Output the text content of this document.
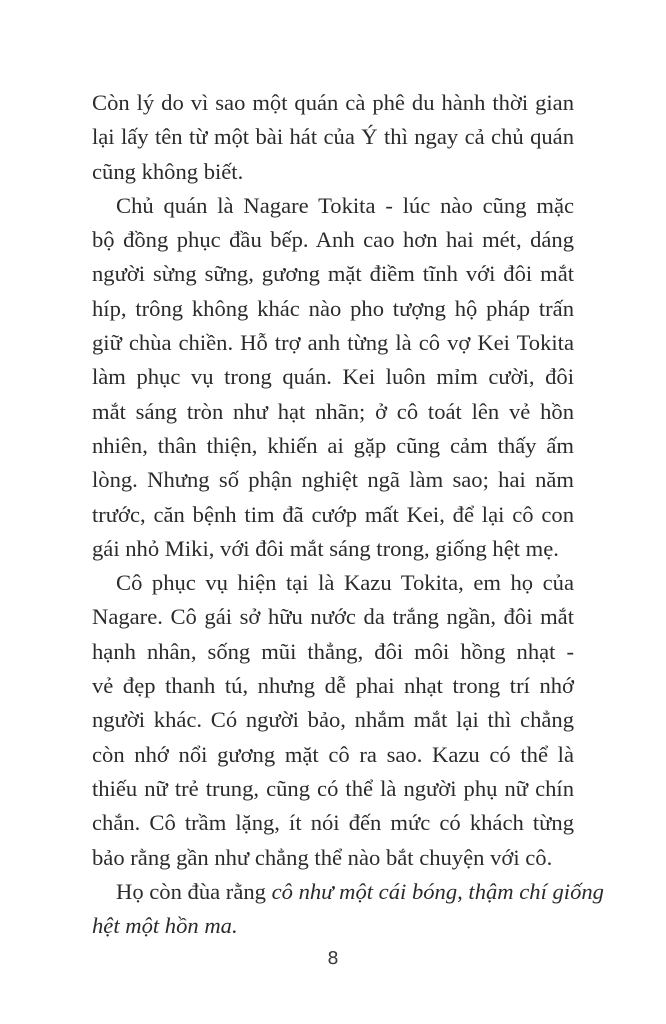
Còn lý do vì sao một quán cà phê du hành thời gian
lại lấy tên từ một bài hát của Ý thì ngay cả chủ quán
cũng không biết.

Chủ quán là Nagare Tokita - lúc nào cũng mặc
bộ đồng phục đầu bếp. Anh cao hơn hai mét, dáng
người sừng sững, gương mặt điềm tĩnh với đôi mắt
híp, trông không khác nào pho tượng hộ pháp trấn
giữ chùa chiền. Hỗ trợ anh từng là cô vợ Kei Tokita
làm phục vụ trong quán. Kei luôn mỉm cười, đôi
mắt sáng tròn như hạt nhãn; ở cô toát lên vẻ hồn
nhiên, thân thiện, khiến ai gặp cũng cảm thấy ấm
lòng. Nhưng số phận nghiệt ngã làm sao; hai năm
trước, căn bệnh tim đã cướp mất Kei, để lại cô con
gái nhỏ Miki, với đôi mắt sáng trong, giống hệt mẹ.

Cô phục vụ hiện tại là Kazu Tokita, em họ của
Nagare. Cô gái sở hữu nước da trắng ngần, đôi mắt
hạnh nhân, sống mũi thẳng, đôi môi hồng nhạt -
vẻ đẹp thanh tú, nhưng dễ phai nhạt trong trí nhớ
người khác. Có người bảo, nhắm mắt lại thì chẳng
còn nhớ nổi gương mặt cô ra sao. Kazu có thể là
thiếu nữ trẻ trung, cũng có thể là người phụ nữ chín
chắn. Cô trầm lặng, ít nói đến mức có khách từng
bảo rằng gần như chẳng thể nào bắt chuyện với cô.

Họ còn đùa rằng cô như một cái bóng, thậm chí giống
hệt một hồn ma.

8
